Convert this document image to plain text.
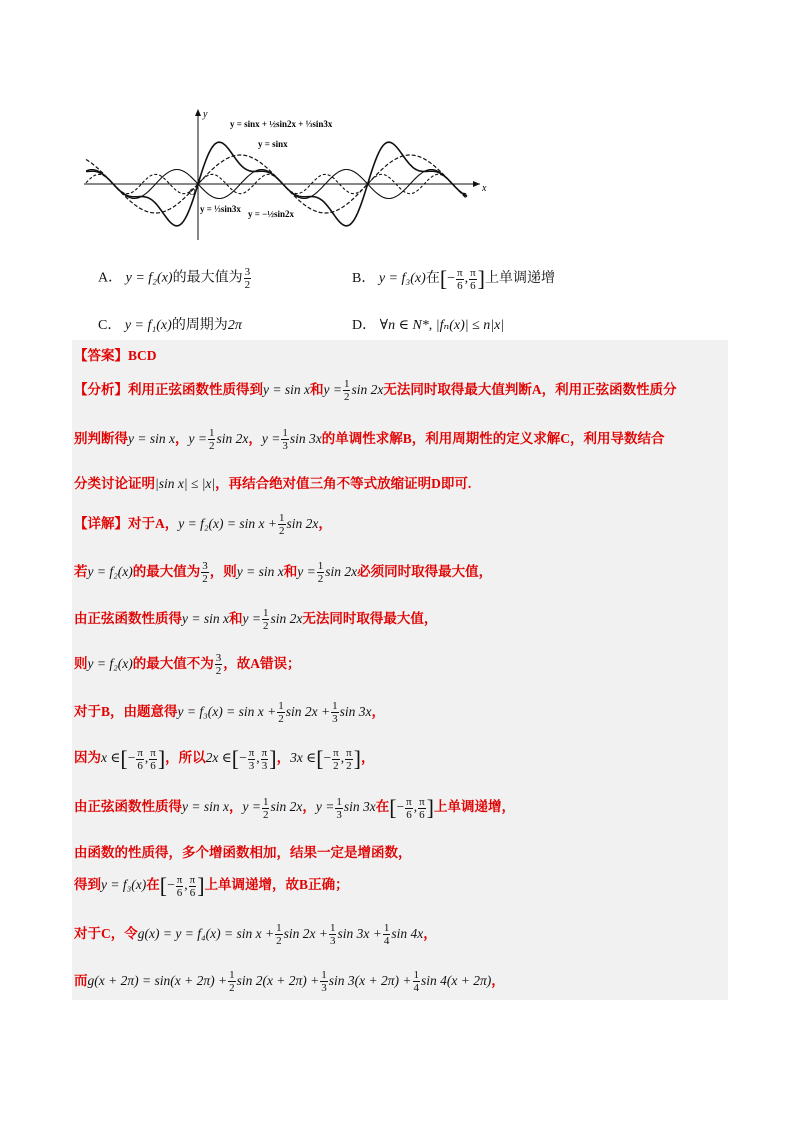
y
x
O
y = sinx + ½sin2x + ⅓sin3x
y = sinx
y = ⅓sin3x y = −½sin2x
A． y = f₂(x)的最大值为 $\frac{3}{2}$	B． y = f₃(x)在[− $\frac{\pi}{6}$ , $\frac{\pi}{6}$ ]上单调递增
C． y = f₁(x)的周期为2π	D． ∀n ∈ N*, |fₙ(x)| ≤ n|x|
【答案】BCD
【分析】利用正弦函数性质得到y = sin x和$y = \frac{1}{2}$ sin 2x无法同时取得最大值判断A，利用正弦函数性质分
别判断得y = sin x，$y = \frac{1}{2}$ sin 2x，$y = \frac{1}{3}$ sin 3x的单调性求解B，利用周期性的定义求解C，利用导数结合
分类讨论证明|sin x| ≤ |x|，再结合绝对值三角不等式放缩证明D即可.
【详解】对于A，$y = f_2(x) = \sin x + \frac{1}{2}$ sin 2x，
若y = f₂(x)的最大值为 $\frac{3}{2}$ ，则y = sin x和$y = \frac{1}{2}$ sin 2x必须同时取得最大值，
由正弦函数性质得y = sin x和$y = \frac{1}{2}$ sin 2x无法同时取得最大值，
则y = f₂(x)的最大值不为 $\frac{3}{2}$ ，故A错误；
对于B，由题意得$y = f_3(x) = \sin x + \frac{1}{2}$ $\sin 2x + \frac{1}{3}$ sin 3x，
因为x ∈[− $\frac{\pi}{6}$ , $\frac{\pi}{6}$ ]，所以2x ∈[− $\frac{\pi}{3}$ , $\frac{\pi}{3}$ ]，3x ∈[− $\frac{\pi}{2}$ , $\frac{\pi}{2}$ ]，
由正弦函数性质得y = sin x，$y = \frac{1}{2}$ sin 2x，$y = \frac{1}{3}$ sin 3x在[− $\frac{\pi}{6}$ , $\frac{\pi}{6}$ ]上单调递增，
由函数的性质得，多个增函数相加，结果一定是增函数，
得到y = f₃(x)在[− $\frac{\pi}{6}$ , $\frac{\pi}{6}$ ]上单调递增，故B正确；
对于C，令$g(x) = y = f_4(x) = \sin x + \frac{1}{2}$ $\sin 2x + \frac{1}{3}$ $\sin 3x + \frac{1}{4}$ sin 4x，
而$g(x + 2\pi) = \sin(x + 2\pi) + \frac{1}{2}$ $\sin 2(x + 2\pi) + \frac{1}{3}$ $\sin 3(x + 2\pi) + \frac{1}{4}$ sin 4(x + 2π)，
